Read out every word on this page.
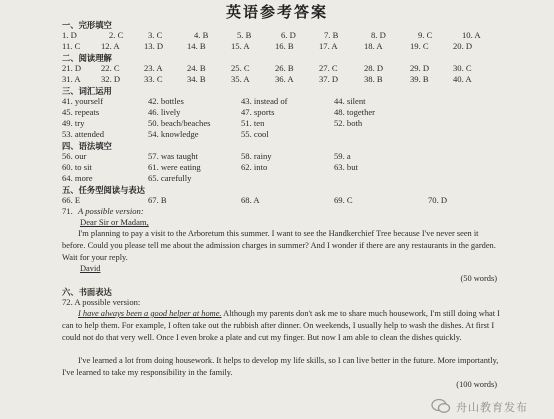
英语参考答案
一、完形填空
1. D	2. C	3. C	4. B	5. B	6. D	7. B	8. D	9. C	10. A
11. C 12. A	13. D	14. B	15. A	16. B	17. A	18. A	19. C	20. D
二、阅读理解
21. D 22. C	23. A	24. B	25. C	26. B	27. C	28. D	29. D	30. C
31. A 32. D	33. C	34. B	35. A	36. A	37. D	38. B	39. B	40. A
三、词汇运用
41. yourself	42. bottles	43. instead of	44. silent
45. repeats	46. lively	47. sports	48. together
49. try	50. beach/beaches	51. ten	52. both
53. attended	54. knowledge	55. cool
四、语法填空
56. our	57. was taught	58. rainy	59. a
60. to sit	61. were eating	62. into	63. but
64. more	65. carefully
五、任务型阅读与表达
66. E	67. B	68. A	69. C	70. D
71. A possible version:
Dear Sir or Madam,

I'm planning to pay a visit to the Arboretum this summer. I want to see the Handkerchief Tree because I've never seen it before. Could you please tell me about the admission charges in summer? And I wonder if there are any restaurants in the garden. Wait for your reply.

David
(50 words)
六、书面表达
72. A possible version:

I have always been a good helper at home. Although my parents don't ask me to share much housework, I'm still doing what I can to help them. For example, I often take out the rubbish after dinner. On weekends, I usually help to wash the dishes. At first I could not do that very well. Once I even broke a plate and cut my finger. But now I am able to clean the dishes quickly.

I've learned a lot from doing housework. It helps to develop my life skills, so I can live better in the future. More importantly, I've learned to take my responsibility in the family.

(100 words)
舟山教育发布
